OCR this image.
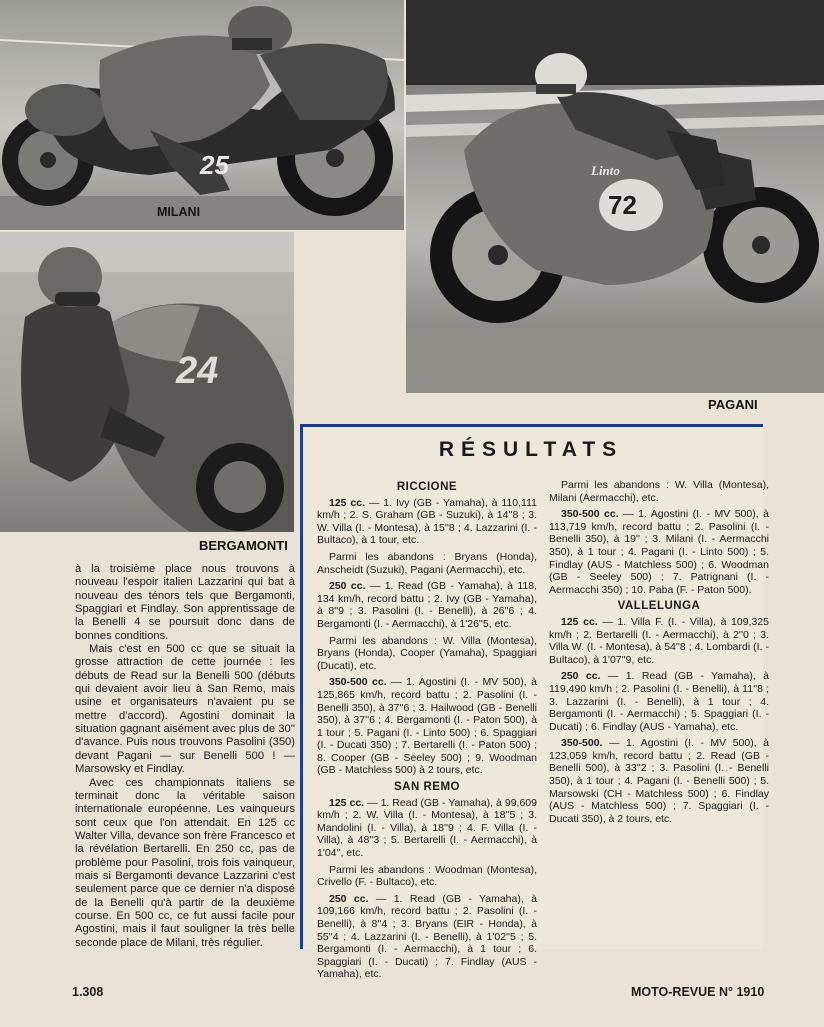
25
MILANI	72
Linto
PAGANI
24
BERGAMONTI

à la troisième place nous trouvons à nouveau l'espoir italien Lazzarini qui bat à nouveau des ténors tels que Bergamonti, Spaggiari et Findlay. Son apprentissage de la Benelli 4 se poursuit donc dans de bonnes conditions.

Mais c'est en 500 cc que se situait la grosse attraction de cette journée : les débuts de Read sur la Benelli 500 (débuts qui devaient avoir lieu à San Remo, mais usine et organisateurs n'avaient pu se mettre d'accord). Agostini dominait la situation gagnant aisément avec plus de 30'' d'avance. Puis nous trouvons Pasolini (350) devant Pagani — sur Benelli 500 ! — Marsowsky et Findlay.

Avec ces championnats italiens se terminait donc la véritable saison internationale européenne. Les vainqueurs sont ceux que l'on attendait. En 125 cc Walter Villa, devance son frère Francesco et la révélation Bertarelli. En 250 cc, pas de problème pour Pasolini, trois fois vainqueur, mais si Bergamonti devance Lazzarini c'est seulement parce que ce dernier n'a disposé de la Benelli qu'à partir de la deuxième course. En 500 cc, ce fut aussi facile pour Agostini, mais il faut souligner la très belle seconde place de Milani, très régulier.

RÉSULTATS
RICCIONE

125 cc. — 1. Ivy (GB - Yamaha), à 110,111 km/h ; 2. S. Graham (GB - Suzuki), à 14''8 ; 3. W. Villa (I. - Montesa), à 15''8 ; 4. Lazzarini (I. - Bultaco), à 1 tour, etc.

Parmi les abandons : Bryans (Honda), Anscheidt (Suzuki), Pagani (Aermacchi), etc.

250 cc. — 1. Read (GB - Yamaha), à 118, 134 km/h, record battu ; 2. Ivy (GB - Yamaha), à 8''9 ; 3. Pasolini (I. - Benelli), à 26''6 ; 4. Bergamonti (I. - Aermacchi), à 1'26''5, etc.

Parmi les abandons : W. Villa (Montesa), Bryans (Honda), Cooper (Yamaha), Spaggiari (Ducati), etc.

350-500 cc. — 1. Agostini (I. - MV 500), à 125,865 km/h, record battu ; 2. Pasolini (I. - Benelli 350), à 37''6 ; 3. Hailwood (GB - Benelli 350), à 37''6 ; 4. Bergamonti (I. - Paton 500), à 1 tour ; 5. Pagani (I. - Linto 500) ; 6. Spaggiari (I. - Ducati 350) ; 7. Bertarelli (I. - Paton 500) ; 8. Cooper (GB - Seeley 500) ; 9. Woodman (GB - Matchless 500) à 2 tours, etc.

SAN REMO

125 cc. — 1. Read (GB - Yamaha), à 99,609 km/h ; 2. W. Villa (I. - Montesa), à 18''5 ; 3. Mandolini (I. - Villa), à 18''9 ; 4. F. Villa (I. - Villa), à 48''3 ; 5. Bertarelli (I. - Aermacchi), à 1'04'', etc.

Parmi les abandons : Woodman (Montesa), Crivello (F. - Bultaco), etc.

250 cc. — 1. Read (GB - Yamaha), à 109,166 km/h, record battu ; 2. Pasolini (I. - Benelli), à 8''4 ; 3. Bryans (EIR - Honda), à 55''4 ; 4. Lazzarini (I. - Benelli), à 1'02''5 ; 5. Bergamonti (I. - Aermacchi), à 1 tour ; 6. Spaggiari (I. - Ducati) ; 7. Findlay (AUS - Yamaha), etc.

Parmi les abandons : W. Villa (Montesa), Milani (Aermacchi), etc.

350-500 cc. — 1. Agostini (I. - MV 500), à 113,719 km/h, record battu ; 2. Pasolini (I. - Benelli 350), à 19'' ; 3. Milani (I. - Aermacchi 350), à 1 tour ; 4. Pagani (I. - Linto 500) ; 5. Findlay (AUS - Matchless 500) ; 6. Woodman (GB - Seeley 500) ; 7. Patrignani (I. - Aermacchi 350) ; 10. Paba (F. - Paton 500).

VALLELUNGA

125 cc. — 1. Villa F. (I. - Villa), à 109,325 km/h ; 2. Bertarelli (I. - Aermacchi), à 2''0 ; 3. Villa W. (I. - Montesa), à 54''8 ; 4. Lombardi (I. - Bultaco), à 1'07''9, etc.

250 cc. — 1. Read (GB - Yamaha), à 119,490 km/h ; 2. Pasolini (I. - Benelli), à 11''8 ; 3. Lazzarini (I. - Benelli), à 1 tour ; 4. Bergamonti (I. - Aermacchi) ; 5. Spaggiari (I. - Ducati) ; 6. Findlay (AUS - Yamaha), etc.

350-500. — 1. Agostini (I. - MV 500), à 123,059 km/h, record battu ; 2. Read (GB - Benelli 500), à 33''2 ; 3. Pasolini (I. - Benelli 350), à 1 tour ; 4. Pagani (I. - Benelli 500) ; 5. Marsowski (CH - Matchless 500) ; 6. Findlay (AUS - Matchless 500) ; 7. Spaggiari (I. - Ducati 350), à 2 tours, etc.

1.308	MOTO-REVUE N° 1910
